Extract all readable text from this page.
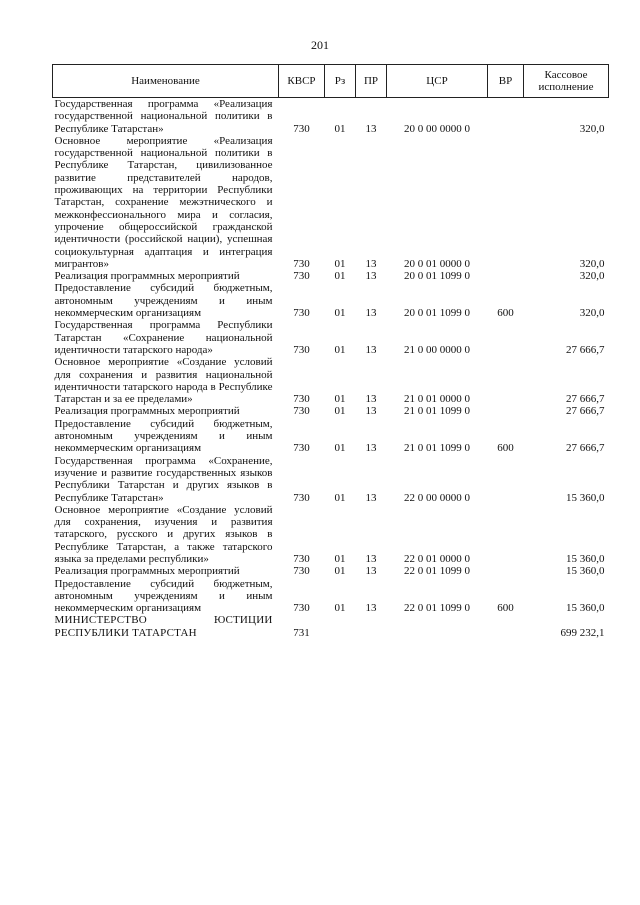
201
Наименование	КВСР	Рз	ПР	ЦСР	ВР	Кассовое исполнение
Государственная программа «Реализация государственной национальной политики в Республике Татарстан»	730	01	13	20 0 00 0000 0		320,0
Основное мероприятие «Реализация государственной национальной политики в Республике Татарстан, цивилизованное развитие представителей народов, проживающих на территории Республики Татарстан, сохранение межэтнического и межконфессионального мира и согласия, упрочение общероссийской гражданской идентичности (российской нации), успешная социокультурная адаптация и интеграция мигрантов»	730	01	13	20 0 01 0000 0		320,0
Реализация программных мероприятий	730	01	13	20 0 01 1099 0		320,0
Предоставление субсидий бюджетным, автономным учреждениям и иным некоммерческим организациям	730	01	13	20 0 01 1099 0	600	320,0
Государственная программа Республики Татарстан «Сохранение национальной идентичности татарского народа»	730	01	13	21 0 00 0000 0		27 666,7
Основное мероприятие «Создание условий для сохранения и развития национальной идентичности татарского народа в Республике Татарстан и за ее пределами»	730	01	13	21 0 01 0000 0		27 666,7
Реализация программных мероприятий	730	01	13	21 0 01 1099 0		27 666,7
Предоставление субсидий бюджетным, автономным учреждениям и иным некоммерческим организациям	730	01	13	21 0 01 1099 0	600	27 666,7
Государственная программа «Сохранение, изучение и развитие государственных языков Республики Татарстан и других языков в Республике Татарстан»	730	01	13	22 0 00 0000 0		15 360,0
Основное мероприятие «Создание условий для сохранения, изучения и развития татарского, русского и других языков в Республике Татарстан, а также татарского языка за пределами республики»	730	01	13	22 0 01 0000 0		15 360,0
Реализация программных мероприятий	730	01	13	22 0 01 1099 0		15 360,0
Предоставление субсидий бюджетным, автономным учреждениям и иным некоммерческим организациям	730	01	13	22 0 01 1099 0	600	15 360,0
МИНИСТЕРСТВО ЮСТИЦИИ РЕСПУБЛИКИ ТАТАРСТАН	731					699 232,1
